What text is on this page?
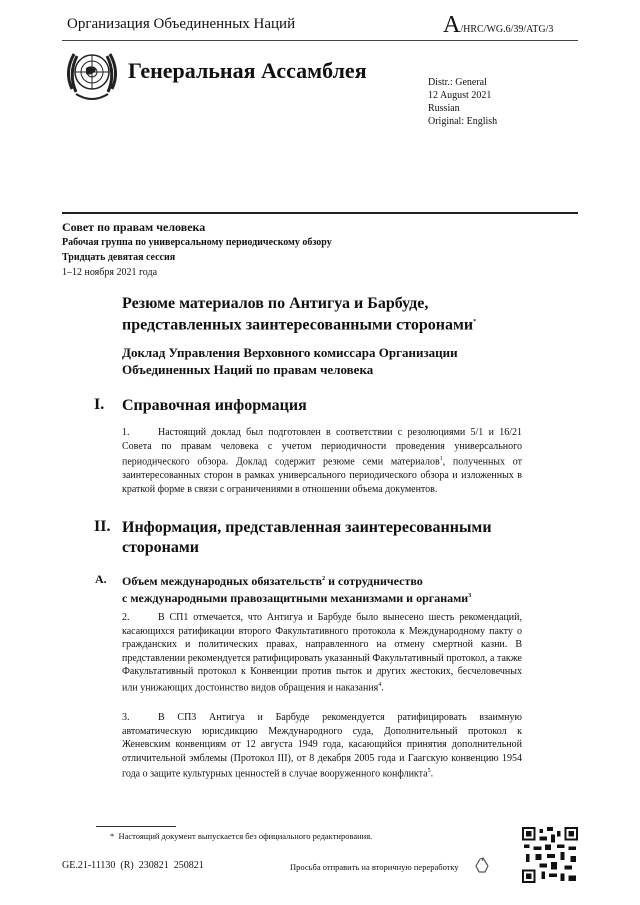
Организация Объединенных Наций	A/HRC/WG.6/39/ATG/3
Генеральная Ассамблея	Distr.: General
12 August 2021
Russian
Original: English
Совет по правам человека
Рабочая группа по универсальному периодическому обзору
Тридцать девятая сессия
1–12 ноября 2021 года
Резюме материалов по Антигуа и Барбуде,
представленных заинтересованными сторонами*
Доклад Управления Верховного комиссара Организации
Объединенных Наций по правам человека
I. Справочная информация
1.	Настоящий доклад был подготовлен в соответствии с резолюциями 5/1 и 16/21 Совета по правам человека с учетом периодичности проведения универсального периодического обзора. Доклад содержит резюме семи материалов$^1$, полученных от заинтересованных сторон в рамках универсального периодического обзора и изложенных в краткой форме в связи с ограничениями в отношении объема документов.
II. Информация, представленная заинтересованными сторонами
A. Объем международных обязательств$^2$ и сотрудничество
с международными правозащитными механизмами и органами$^3$
2.	В СП1 отмечается, что Антигуа и Барбуде было вынесено шесть рекомендаций, касающихся ратификации второго Факультативного протокола к Международному пакту о гражданских и политических правах, направленного на отмену смертной казни. В представлении рекомендуется ратифицировать указанный Факультативный протокол, а также Факультативный протокол к Конвенции против пыток и других жестоких, бесчеловечных или унижающих достоинство видов обращения и наказания$^4$.
3.	В СП3 Антигуа и Барбуде рекомендуется ратифицировать взаимную автоматическую юрисдикцию Международного суда, Дополнительный протокол к Женевским конвенциям от 12 августа 1949 года, касающийся принятия дополнительной отличительной эмблемы (Протокол III), от 8 декабря 2005 года и Гаагскую конвенцию 1954 года о защите культурных ценностей в случае вооруженного конфликта$^5$.
* Настоящий документ выпускается без официального редактирования.
GE.21-11130  (R)  230821  250821	Просьба отправить на вторичную переработку
